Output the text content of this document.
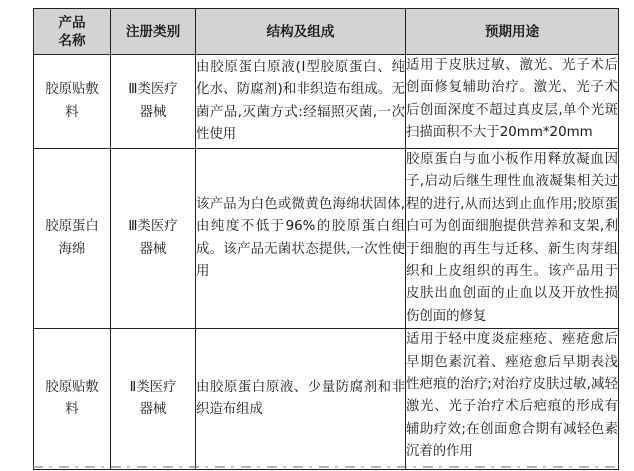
产品名称	注册类别	结构及组成	预期用途

胶原贴敷料	Ⅲ类医疗器械	由胶原蛋白原液(Ⅰ型胶原蛋白、纯化水、防腐剂)和非织造布组成。无菌产品,灭菌方式:经辐照灭菌,一次性使用	适用于皮肤过敏、激光、光子术后创面修复辅助治疗。激光、光子术后创面深度不超过真皮层,单个光斑扫描面积不大于20mm*20mm

胶原蛋白海绵	Ⅲ类医疗器械	该产品为白色或微黄色海绵状固体,由纯度不低于96%的胶原蛋白组成。该产品无菌状态提供,一次性使用	胶原蛋白与血小板作用释放凝血因子,启动后继生理性血液凝集相关过程的进行,从而达到止血作用;胶原蛋白可为创面细胞提供营养和支架,利于细胞的再生与迁移、新生肉芽组织和上皮组织的再生。该产品用于皮肤出血创面的止血以及开放性损伤创面的修复

胶原贴敷料	Ⅱ类医疗器械	由胶原蛋白原液、少量防腐剂和非织造布组成	适用于轻中度炎症痤疮、痤疮愈后早期色素沉着、痤疮愈后早期表浅性疤痕的治疗;对治疗皮肤过敏,减轻激光、光子治疗术后疤痕的形成有辅助疗效;在创面愈合期有减轻色素沉着的作用
